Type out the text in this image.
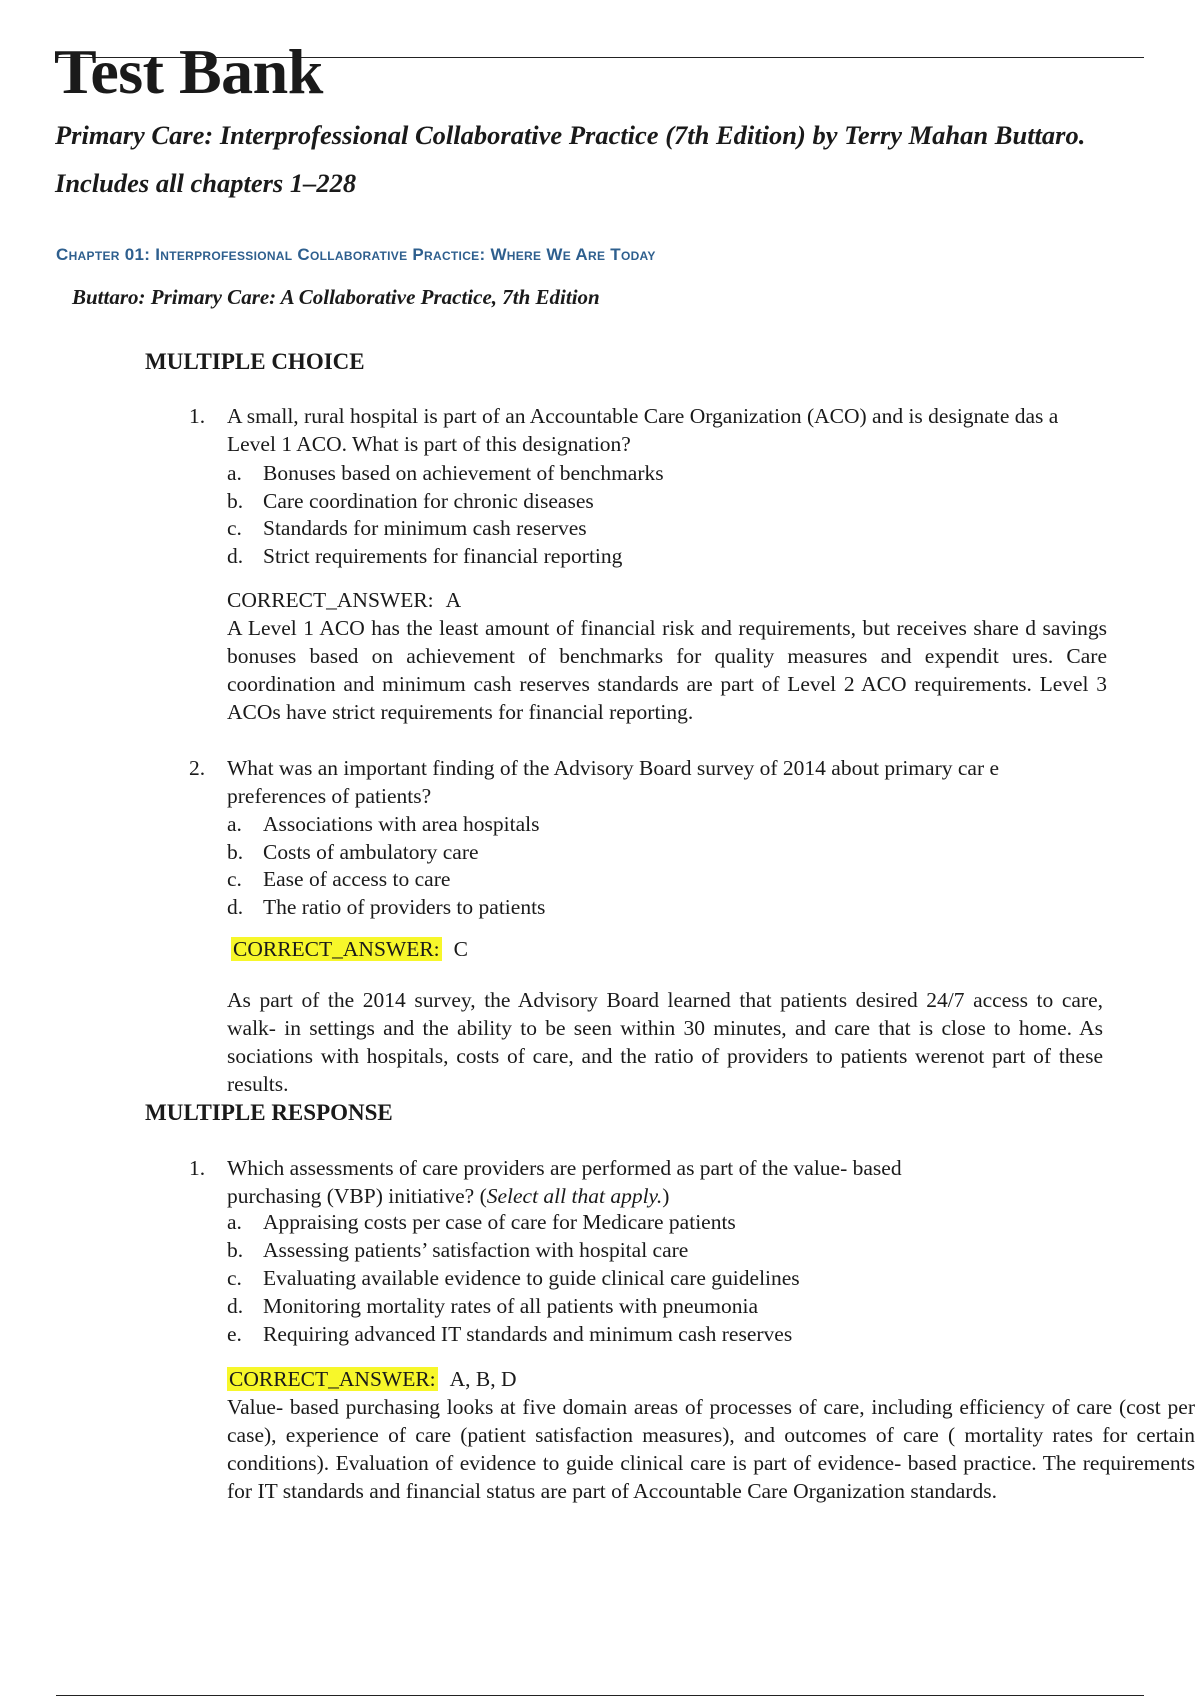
Test Bank

Primary Care: Interprofessional Collaborative Practice (7th Edition) by Terry Mahan Buttaro.

Includes all chapters 1–228

Chapter 01: Interprofessional Collaborative Practice: Where We Are Today

Buttaro: Primary Care: A Collaborative Practice, 7th Edition

MULTIPLE CHOICE
1. A small, rural hospital is part of an Accountable Care Organization (ACO) and is designate das a Level 1 ACO. What is part of this designation?

a. Bonuses based on achievement of benchmarks
b. Care coordination for chronic diseases
c. Standards for minimum cash reserves
d. Strict requirements for financial reporting
CORRECT_ANSWER: A

A Level 1 ACO has the least amount of financial risk and requirements, but receives share d savings bonuses based on achievement of benchmarks for quality measures and expendit ures. Care coordination and minimum cash reserves standards are part of Level 2 ACO requirements. Level 3 ACOs have strict requirements for financial reporting.

2. What was an important finding of the Advisory Board survey of 2014 about primary car e preferences of patients?

a. Associations with area hospitals
b. Costs of ambulatory care
c. Ease of access to care
d. The ratio of providers to patients
CORRECT_ANSWER: C

As part of the 2014 survey, the Advisory Board learned that patients desired 24/7 access to care, walk- in settings and the ability to be seen within 30 minutes, and care that is close to home. As sociations with hospitals, costs of care, and the ratio of providers to patients werenot part of these results.

MULTIPLE RESPONSE
1. Which assessments of care providers are performed as part of the value- based purchasing (VBP) initiative? (Select all that apply.)

a. Appraising costs per case of care for Medicare patients
b. Assessing patients’ satisfaction with hospital care
c. Evaluating available evidence to guide clinical care guidelines
d. Monitoring mortality rates of all patients with pneumonia
e. Requiring advanced IT standards and minimum cash reserves
CORRECT_ANSWER: A, B, D

Value- based purchasing looks at five domain areas of processes of care, including efficiency of care (cost per case), experience of care (patient satisfaction measures), and outcomes of care ( mortality rates for certain conditions). Evaluation of evidence to guide clinical care is part of evidence- based practice. The requirements for IT standards and financial status are part of Accountable Care Organization standards.
